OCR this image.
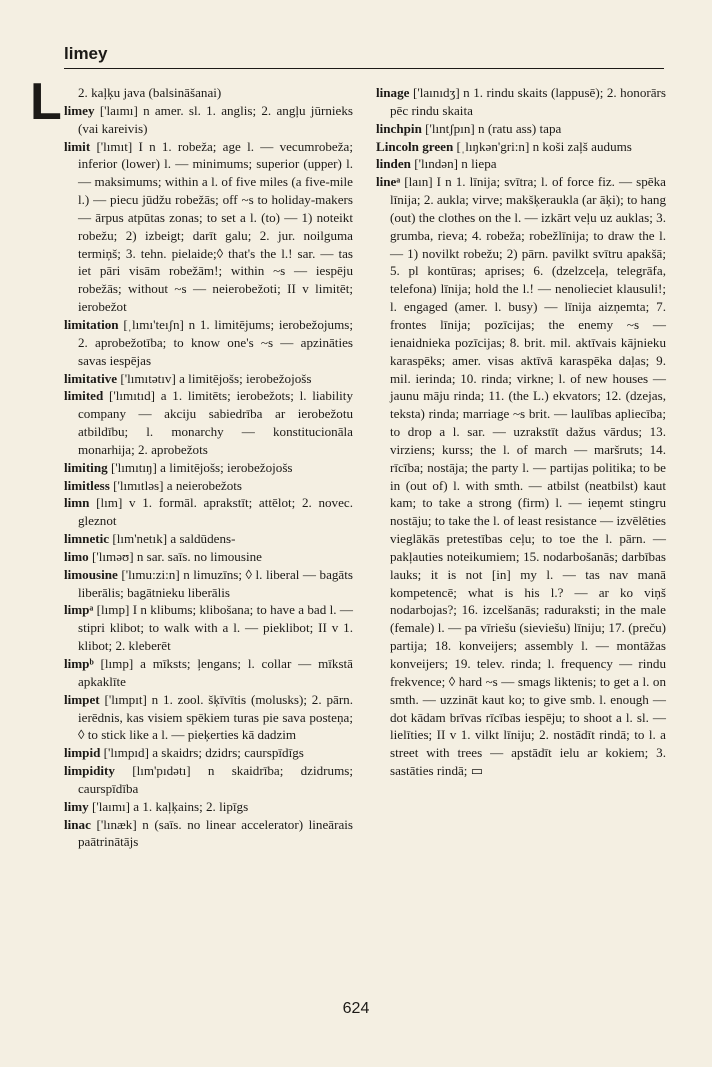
limey
L	2. kaļķu java (balsināšanai)

limey ['laımı] n amer. sl. 1. anglis; 2. angļu jūrnieks (vai kareivis)

limit ['lımıt] I n 1. robeža; age l. — vecumrobeža; inferior (lower) l. — minimums; superior (upper) l. — maksimums; within a l. of five miles (a five-mile l.) — piecu jūdžu robežās; off ~s to holiday-makers — ārpus atpūtas zonas; to set a l. (to) — 1) noteikt robežu; 2) izbeigt; darīt galu; 2. jur. noilguma termiņš; 3. tehn. pielaide;◊ that's the l.! sar. — tas iet pāri visām robežām!; within ~s — iespēju robežās; without ~s — neierobežoti; II v limitēt; ierobežot

limitation [ˌlımı'teıʃn] n 1. limitējums; ierobežojums; 2. aprobežotība; to know one's ~s — apzināties savas iespējas

limitative ['lımıtətıv] a limitējošs; ierobežojošs

limited ['lımıtıd] a 1. limitēts; ierobežots; l. liability company — akciju sabiedrība ar ierobežotu atbildību; l. monarchy — konstitucionāla monarhija; 2. aprobežots

limiting ['lımıtıŋ] a limitējošs; ierobežojošs

limitless ['lımıtləs] a neierobežots

limn [lım] v 1. formāl. aprakstīt; attēlot; 2. novec. gleznot

limnetic [lım'netık] a saldūdens-

limo ['lıməʊ] n sar. saīs. no limousine

limousine ['lımu:zi:n] n limuzīns; ◊ l. liberal — bagāts liberālis; bagātnieku liberālis

limpᵃ [lımp] I n klibums; klibošana; to have a bad l. — stipri klibot; to walk with a l. — pieklibot; II v 1. klibot; 2. kleberēt

limpᵇ [lımp] a mīksts; ļengans; l. collar — mīkstā apkaklīte

limpet ['lımpıt] n 1. zool. šķīvītis (molusks); 2. pārn. ierēdnis, kas visiem spēkiem turas pie sava posteņa; ◊ to stick like a l. — pieķerties kā dadzim

limpid ['lımpıd] a skaidrs; dzidrs; caurspīdīgs

limpidity [lım'pıdətı] n skaidrība; dzidrums; caurspīdība

limy ['laımı] a 1. kaļķains; 2. lipīgs

linac ['lınæk] n (saīs. no linear accelerator) lineārais paātrinātājs

linage ['laınıdʒ] n 1. rindu skaits (lappusē); 2. honorārs pēc rindu skaita

linchpin ['lıntʃpın] n (ratu ass) tapa

Lincoln green [ˌlıŋkən'gri:n] n koši zaļš audums

linden ['lındən] n liepa

lineᵃ [laın] I n 1. līnija; svītra; l. of force fiz. — spēka līnija; 2. aukla; virve; makšķeraukla (ar āķi); to hang (out) the clothes on the l. — izkārt veļu uz auklas; 3. grumba, rieva; 4. robeža; robežlīnija; to draw the l. — 1) novilkt robežu; 2) pārn. pavilkt svītru apakšā; 5. pl kontūras; aprises; 6. (dzelzceļa, telegrāfa, telefona) līnija; hold the l.! — nenolieciet klausuli!; l. engaged (amer. l. busy) — līnija aizņemta; 7. frontes līnija; pozīcijas; the enemy ~s — ienaidnieka pozīcijas; 8. brit. mil. aktīvais kājnieku karaspēks; amer. visas aktīvā karaspēka daļas; 9. mil. ierinda; 10. rinda; virkne; l. of new houses — jaunu māju rinda; 11. (the L.) ekvators; 12. (dzejas, teksta) rinda; marriage ~s brit. — laulības apliecība; to drop a l. sar. — uzrakstīt dažus vārdus; 13. virziens; kurss; the l. of march — maršruts; 14. rīcība; nostāja; the party l. — partijas politika; to be in (out of) l. with smth. — atbilst (neatbilst) kaut kam; to take a strong (firm) l. — ieņemt stingru nostāju; to take the l. of least resistance — izvēlēties vieglākās pretestības ceļu; to toe the l. pārn. — pakļauties noteikumiem; 15. nodarbošanās; darbības lauks; it is not [in] my l. — tas nav manā kompetencē; what is his l.? — ar ko viņš nodarbojas?; 16. izcelšanās; raduraksti; in the male (female) l. — pa vīriešu (sieviešu) līniju; 17. (preču) partija; 18. konveijers; assembly l. — montāžas konveijers; 19. telev. rinda; l. frequency — rindu frekvence; ◊ hard ~s — smags liktenis; to get a l. on smth. — uzzināt kaut ko; to give smb. l. enough — dot kādam brīvas rīcības iespēju; to shoot a l. sl. — lielīties; II v 1. vilkt līniju; 2. nostādīt rindā; to l. a street with trees — apstādīt ielu ar kokiem; 3. sastāties rindā; ▭

624
